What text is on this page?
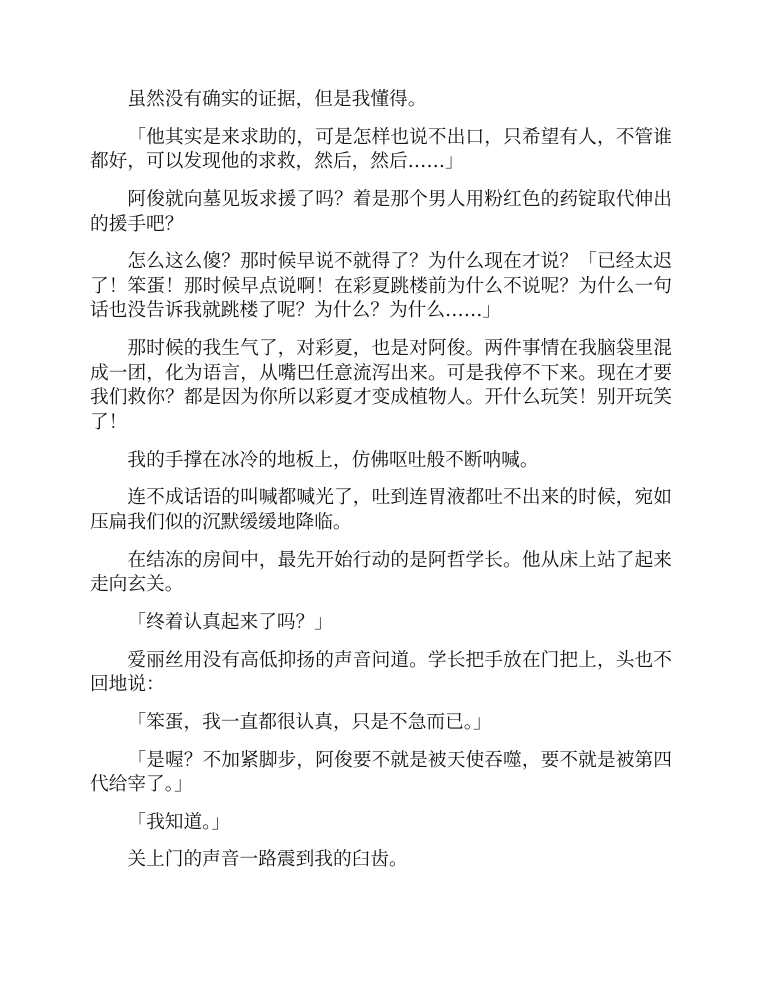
虽然没有确实的证据，但是我懂得。
「他其实是来求助的，可是怎样也说不出口，只希望有人，不管谁
都好，可以发现他的求救，然后，然后……」
阿俊就向墓见坂求援了吗？着是那个男人用粉红色的药锭取代伸出
的援手吧？
怎么这么傻？那时候早说不就得了？为什么现在才说？「已经太迟
了！笨蛋！那时候早点说啊！在彩夏跳楼前为什么不说呢？为什么一句
话也没告诉我就跳楼了呢？为什么？为什么……」
那时候的我生气了，对彩夏，也是对阿俊。两件事情在我脑袋里混
成一团，化为语言，从嘴巴任意流泻出来。可是我停不下来。现在才要
我们救你？都是因为你所以彩夏才变成植物人。开什么玩笑！别开玩笑
了！
我的手撑在冰冷的地板上，仿佛呕吐般不断呐喊。
连不成话语的叫喊都喊光了，吐到连胃液都吐不出来的时候，宛如
压扁我们似的沉默缓缓地降临。
在结冻的房间中，最先开始行动的是阿哲学长。他从床上站了起来
走向玄关。
「终着认真起来了吗？」
爱丽丝用没有高低抑扬的声音问道。学长把手放在门把上，头也不
回地说：
「笨蛋，我一直都很认真，只是不急而已。」
「是喔？不加紧脚步，阿俊要不就是被天使吞噬，要不就是被第四
代给宰了。」
「我知道。」
关上门的声音一路震到我的臼齿。
